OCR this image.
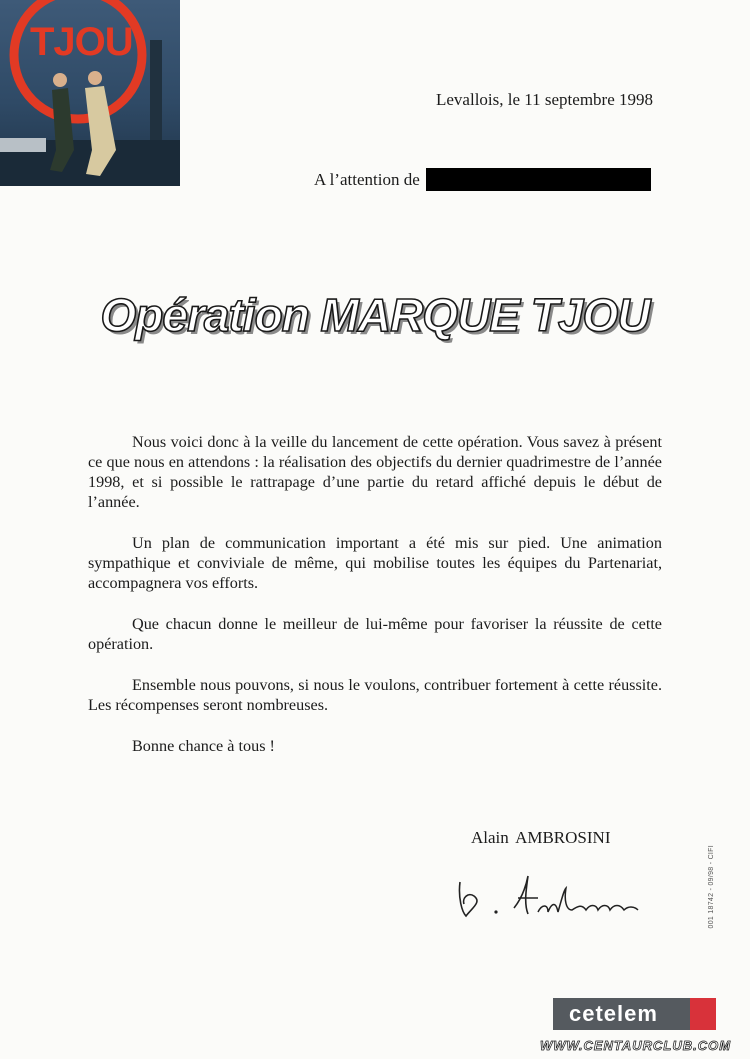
TJOU
Levallois, le 11 septembre 1998
A l’attention de
Opération MARQUE TJOU

Nous voici donc à la veille du lancement de cette opération. Vous savez à présent ce que nous en attendons : la réalisation des objectifs du dernier quadrimestre de l’année 1998, et si possible le rattrapage d’une partie du retard affiché depuis le début de l’année.

Un plan de communication important a été mis sur pied. Une animation sympathique et conviviale de même, qui mobilise toutes les équipes du Partenariat, accompagnera vos efforts.

Que chacun donne le meilleur de lui-même pour favoriser la réussite de cette opération.

Ensemble nous pouvons, si nous le voulons, contribuer fortement à cette réussite. Les récompenses seront nombreuses.

Bonne chance à tous !

Alain AMBROSINI
001 18742 - 09/98 - CIFI
cetelem
WWW.CENTAURCLUB.COM
